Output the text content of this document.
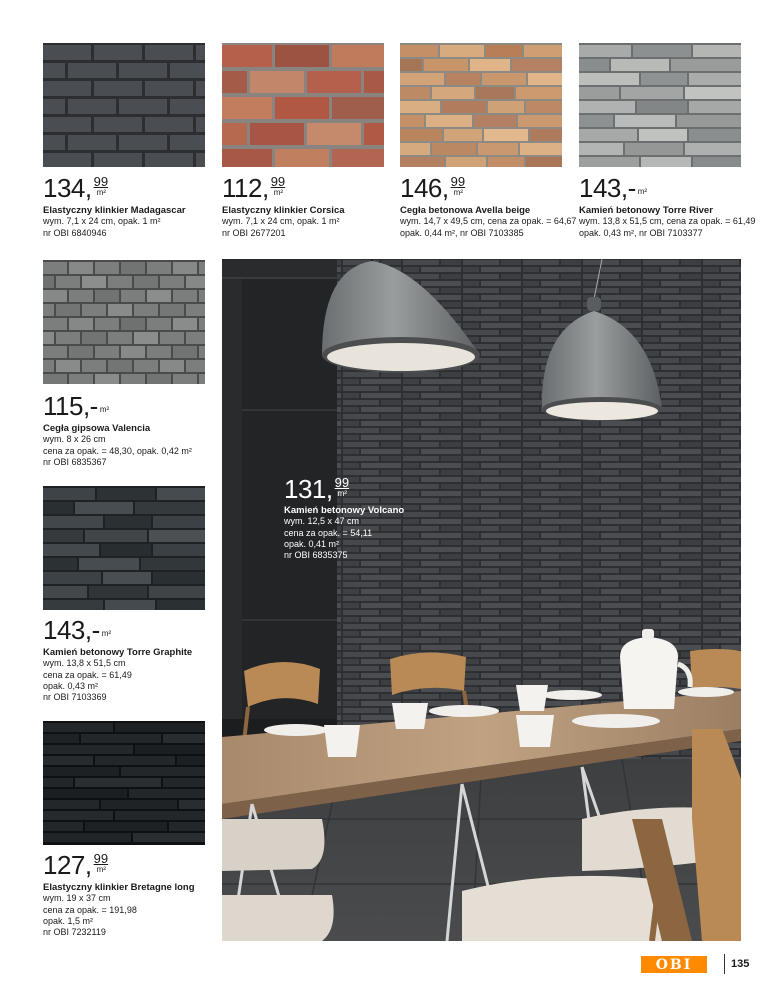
134, 99
m²
Elastyczny klinkier Madagascar
wym. 7,1 x 24 cm, opak. 1 m²
nr OBI 6840946
112, 99
m²
Elastyczny klinkier Corsica
wym. 7,1 x 24 cm, opak. 1 m²
nr OBI 2677201
146, 99
m²
Cegła betonowa Avella beige
wym. 14,7 x 49,5 cm, cena za opak. = 64,67
opak. 0,44 m², nr OBI 7103385
143,- m²
Kamień betonowy Torre River
wym. 13,8 x 51,5 cm, cena za opak. = 61,49
opak. 0,43 m², nr OBI 7103377
115,- m²
Cegła gipsowa Valencia
wym. 8 x 26 cm
cena za opak. = 48,30, opak. 0,42 m²
nr OBI 6835367
143,- m²
Kamień betonowy Torre Graphite
wym. 13,8 x 51,5 cm
cena za opak. = 61,49
opak. 0,43 m²
nr OBI 7103369
127, 99
m²
Elastyczny klinkier Bretagne long
wym. 19 x 37 cm
cena za opak. = 191,98
opak. 1,5 m²
nr OBI 7232119
131, 99
m²
Kamień betonowy Volcano
wym. 12,5 x 47 cm
cena za opak. = 54,11
opak. 0,41 m²
nr OBI 6835375
OBI	135
